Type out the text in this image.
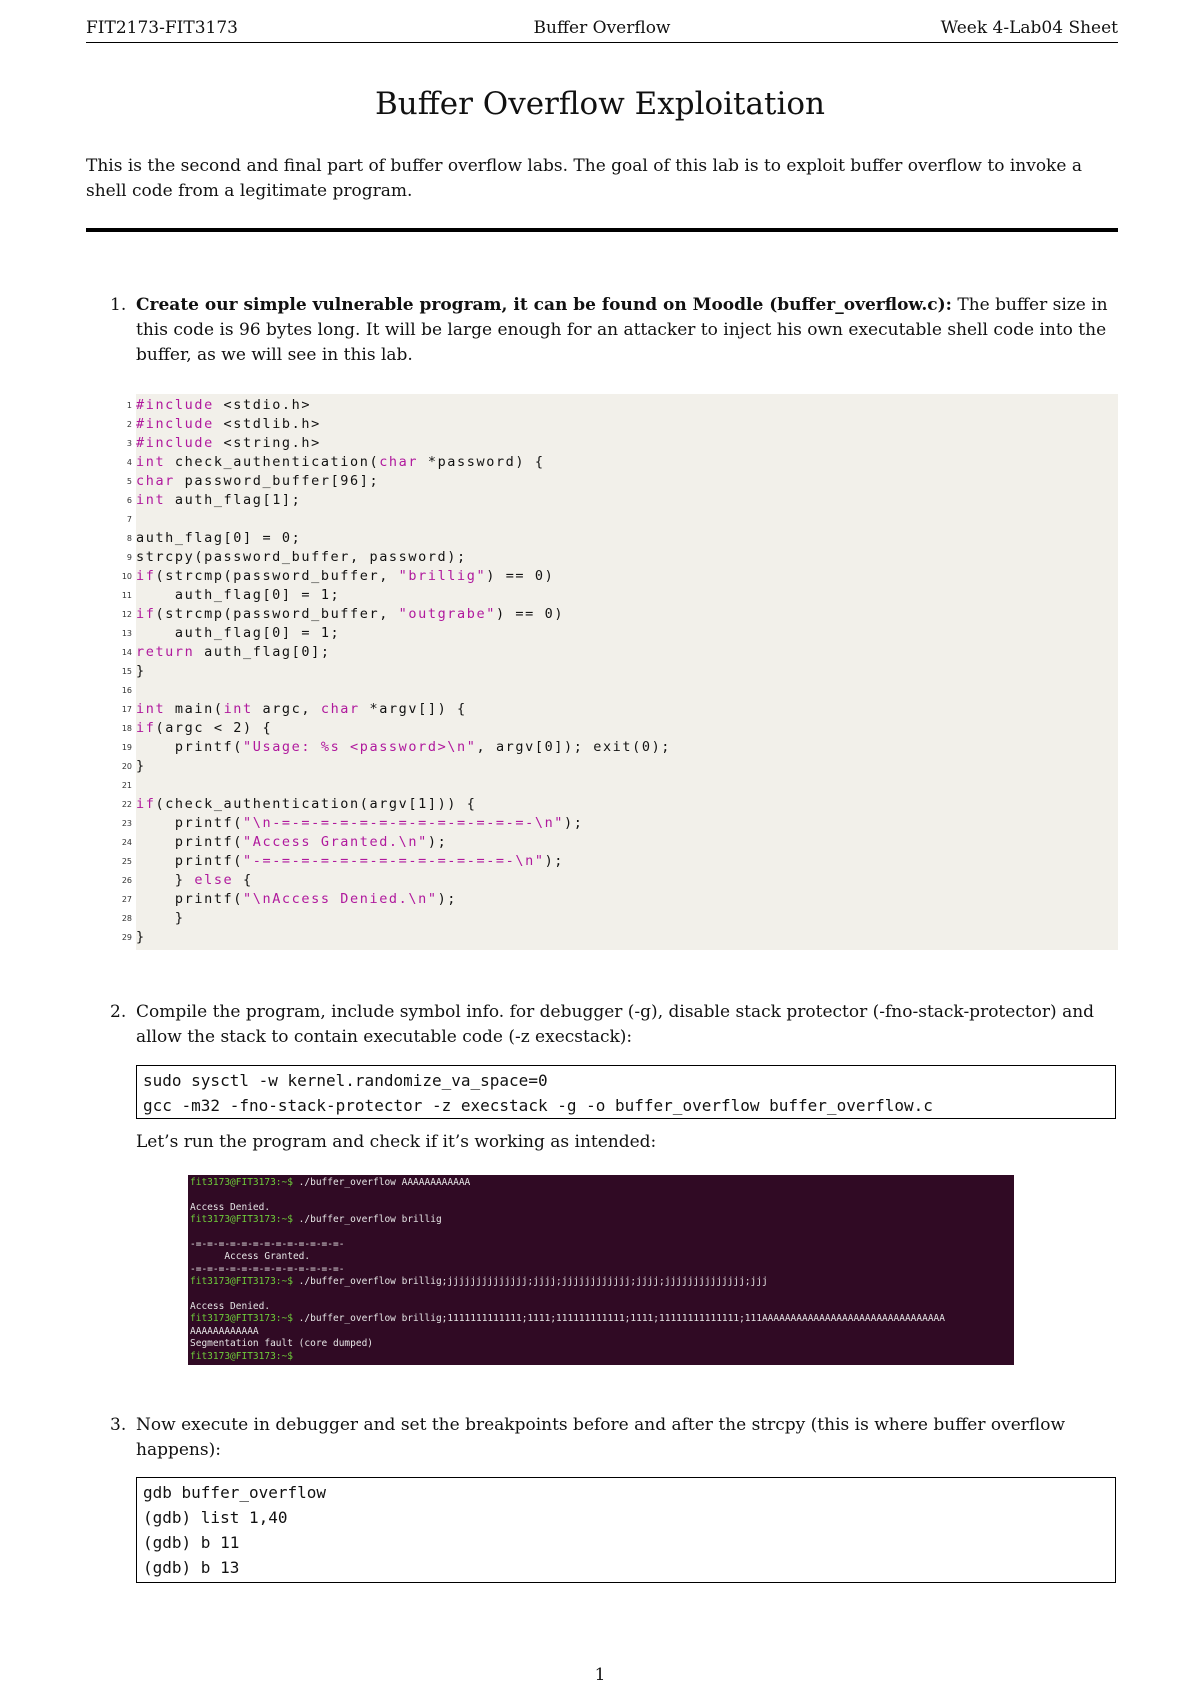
FIT2173-FIT3173	Buffer Overflow	Week 4-Lab04 Sheet
Buffer Overflow Exploitation
This is the second and final part of buffer overflow labs. The goal of this lab is to exploit buffer overflow to invoke a shell code from a legitimate program.
1. Create our simple vulnerable program, it can be found on Moodle (buffer_overflow.c): The buffer size in this code is 96 bytes long. It will be large enough for an attacker to inject his own executable shell code into the buffer, as we will see in this lab.
1 #include <stdio.h>
2 #include <stdlib.h>
3 #include <string.h>
4 int check_authentication(char *password) {
5 char password_buffer[96];
6 int auth_flag[1];
7
8 auth_flag[0] = 0;
9 strcpy(password_buffer, password);
10 if(strcmp(password_buffer, "brillig") == 0)
11 auth_flag[0] = 1;
12 if(strcmp(password_buffer, "outgrabe") == 0)
13 auth_flag[0] = 1;
14 return auth_flag[0];
15 }
16
17 int main(int argc, char *argv[]) {
18 if(argc < 2) {
19 printf("Usage: %s <password>\n", argv[0]); exit(0);
20 }
21
22 if(check_authentication(argv[1])) {
23 printf("\n-=-=-=-=-=-=-=-=-=-=-=-=-=-\n");
24 printf("Access Granted.\n");
25 printf("-=-=-=-=-=-=-=-=-=-=-=-=-=-\n");
26 } else {
27 printf("\nAccess Denied.\n");
28 }
29 }
2. Compile the program, include symbol info. for debugger (-g), disable stack protector (-fno-stack-protector) and allow the stack to contain executable code (-z execstack):
sudo sysctl -w kernel.randomize_va_space=0
gcc -m32 -fno-stack-protector -z execstack -g -o buffer_overflow buffer_overflow.c
Let’s run the program and check if it’s working as intended:
fit3173@FIT3173:~$ ./buffer_overflow AAAAAAAAAAAA
Access Denied.
fit3173@FIT3173:~$ ./buffer_overflow brillig
-=-=-=-=-=-=-=-=-=-=-=-=-=-
Access Granted.
-=-=-=-=-=-=-=-=-=-=-=-=-=-
fit3173@FIT3173:~$ ./buffer_overflow brillig;jjjjjjjjjjjjjj;jjjj;jjjjjjjjjjjj;jjjj;jjjjjjjjjjjjjj;jjj
Access Denied.
fit3173@FIT3173:~$ ./buffer_overflow brillig;1111111111111;1111;111111111111;1111;11111111111111;111AAAAAAAAAAAAAAAAAAAAAAAAAAAAAAAA
AAAAAAAAAAAA
Segmentation fault (core dumped)
fit3173@FIT3173:~$
3. Now execute in debugger and set the breakpoints before and after the strcpy (this is where buffer overflow happens):
gdb buffer_overflow
(gdb) list 1,40
(gdb) b 11
(gdb) b 13
1
